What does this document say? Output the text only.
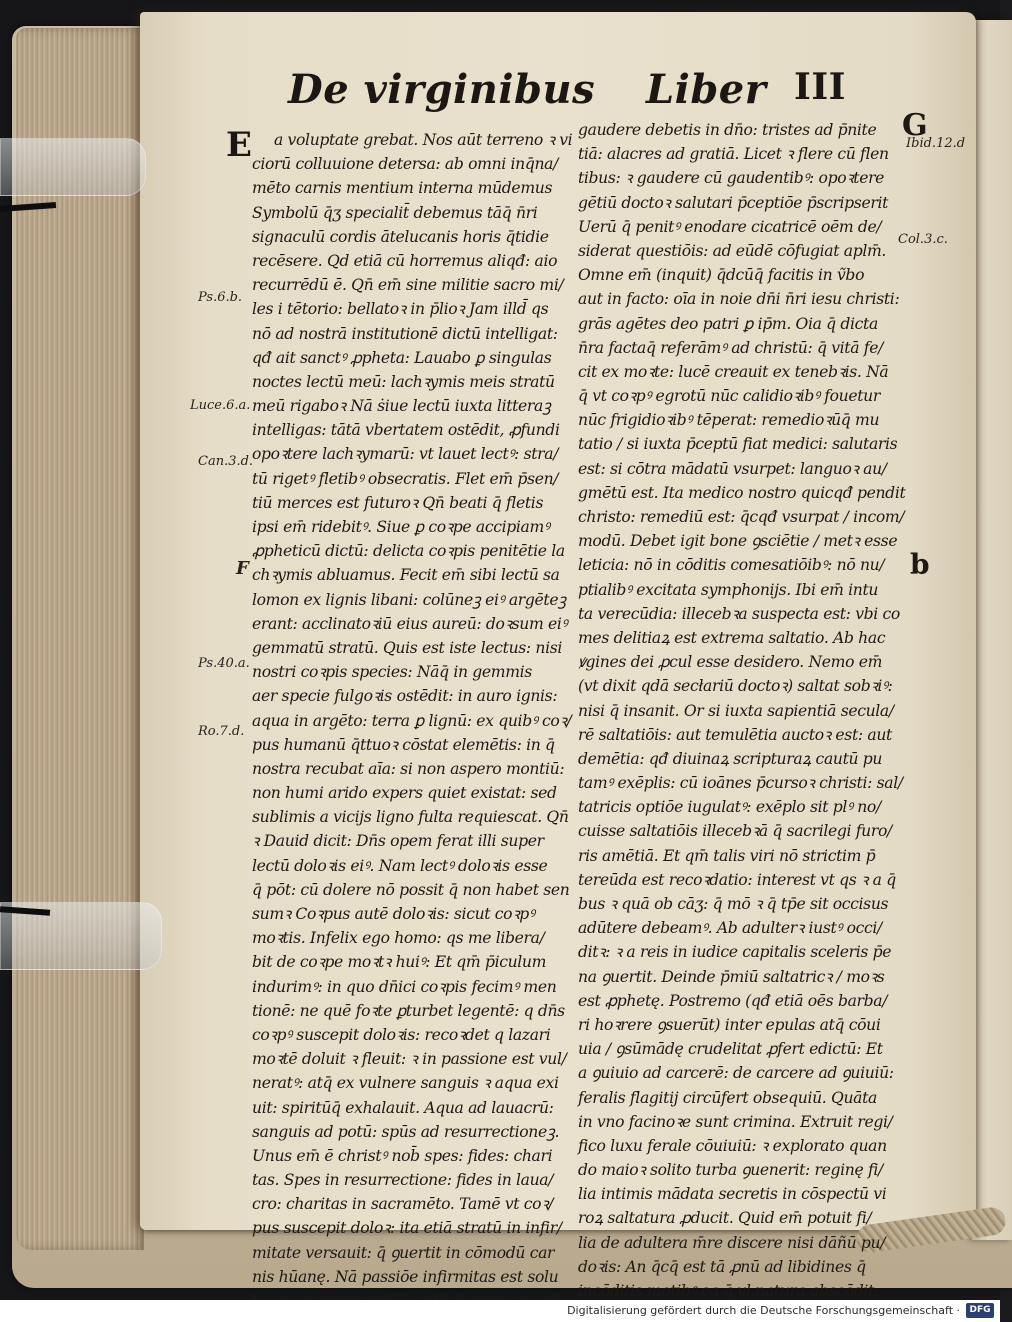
De virginibus Liber III
E	G
b
Ps.6.b.
Luce.6.a.
Can.3.d.
F
Ps.40.a.
Ro.7.d.
Ibid.12.d
Col.3.c.
a voluptate grebat. Nos aūt terreno ꝛ vi
ciorū colluuione detersa: ab omni inq̄na/
mēto carnis mentium interna mūdemus
Symbolū q̄ʒ specialit̄ debemus tāq̄ n̄ri
signaculū cordis ātelucanis horis q̄tidie
recēsere. Qd etiā cū horremus aliqđ: aio
recurrēdū ē. Qn̄ em̄ sine militie sacro mi/
les i tētorio: bellatoꝛ in p̄lioꝛ Jam illd̄ qs
nō ad nostrā institutionē dictū intelligat:
qđ ait sanctꝰ ꝓpheta: Lauabo ꝑ singulas
noctes lectū meū: lachꝛymis meis stratū
meū rigaboꝛ Nā ṡiue lectū iuxta litteraꝫ
intelligas: tātā vbertatem ostēdit, ꝓfundi
opoꝛtere lachꝛymarū: vt lauet lectꝰ: stra/
tū rigetꝰ fletibꝰ obsecratis. Flet em̄ p̄sen/
tiū merces est futuroꝛ Qn̄ beati q̄ fletis
ipsi em̄ ridebitꝰ. Siue ꝑ coꝛpe accipiamꝰ
ꝓpheticū dictū: delicta coꝛpis penitētie la
chꝛymis abluamus. Fecit em̄ sibi lectū sa
lomon ex lignis libani: colūneꝫ eiꝰ argēteꝫ
erant: acclinatoꝛiū eius aureū: doꝛsum eiꝰ
gemmatū stratū. Quis est iste lectus: nisi
nostri coꝛpis species: Nāq̄ in gemmis
aer specie fulgoꝛis ostēdit: in auro ignis:
aqua in argēto: terra ꝑ lignū: ex quibꝰ coꝛ/
pus humanū q̄ttuoꝛ cōstat elemētis: in q̄
nostra recubat aīa: si non aspero montiū:
non humi arido expers quiet existat: sed
sublimis a vicijs ligno fulta requiescat. Qn̄
ꝛ Dauid dicit: Dn̄s opem ferat illi super
lectū doloꝛis eiꝰ. Nam lectꝰ doloꝛis esse
q̄ pōt: cū dolere nō possit q̄ non habet sen
sumꝛ Coꝛpus autē doloꝛis: sicut coꝛpꝰ
moꝛtis. Infelix ego homo: qs me libera/
bit de coꝛpe moꝛtꝛ huiꝰ: Et qm̄ p̄iculum
indurimꝰ: in quo dn̄ici coꝛpis fecimꝰ men
tionē: ne quē foꝛte ꝑturbet legentē: q dn̄s
coꝛpꝰ suscepit doloꝛis: recoꝛdet q lazari
moꝛtē doluit ꝛ fleuit: ꝛ in passione est vul/
neratꝰ: atq̄ ex vulnere sanguis ꝛ aqua exi
uit: spiritūq̄ exhalauit. Aqua ad lauacrū:
sanguis ad potū: spūs ad resurrectioneꝫ.
Unus em̄ ē christꝰ nob̄ spes: fides: chari
tas. Spes in resurrectione: fides in laua/
cro: charitas in sacramēto. Tamē vt coꝛ/
pus suscepit doloꝛ: ita etiā stratū in infir/
mitate versauit: q̄ ꝯuertit in cōmodū car
nis hūanę. Nā passiōe infirmitas est solu
gaudere debetis in dn̄o: tristes ad p̄nite
tiā: alacres ad gratiā. Licet ꝛ flere cū flen
tibus: ꝛ gaudere cū gaudentibꝰ: opoꝛtere
gētiū doctoꝛ salutari p̄ceptiōe p̄scripserit
Uerū q̄ penitꝰ enodare cicatricē oēm de/
siderat questiōis: ad eūdē cōfugiat aplm̄.
Omne em̄ (inquit) q̄dcūq̄ facitis in ṽbo
aut in facto: oīa in noie dn̄i n̄ri iesu christi:
grās agētes deo patri ꝑ ip̄m. Oia q̄ dicta
n̄ra factaq̄ referāmꝰ ad christū: q̄ vitā fe/
cit ex moꝛte: lucē creauit ex tenebꝛis. Nā
q̄ vt coꝛpꝰ egrotū nūc calidioꝛibꝰ fouetur
nūc frigidioꝛibꝰ tēperat: remedioꝛūq̄ mu
tatio / si iuxta p̄ceptū fiat medici: salutaris
est: si cōtra mādatū vsurpet: languoꝛ au/
gmētū est. Ita medico nostro quicqđ pendit
christo: remediū est: q̄cqđ vsurpat / incom/
modū. Debet igit bone ꝯsciētie / metꝛ esse
leticia: nō in cōditis comesatiōibꝰ: nō nu/
ptialibꝰ excitata symphonijs. Ibi em̄ intu
ta verecūdia: illecebꝛa suspecta est: vbi co
mes delitiaꝝ est extrema saltatio. Ab hac
ꝟgines dei ꝓcul esse desidero. Nemo em̄
(vt dixit qdā secłariū doctoꝛ) saltat sobꝛiꝰ:
nisi q̄ insanit. Or si iuxta sapientiā secula/
rē saltatiōis: aut temulētia auctoꝛ est: aut
demētia: qđ diuinaꝝ scripturaꝝ cautū pu
tamꝰ exēplis: cū ioānes p̄cursoꝛ christi: sal/
tatricis optiōe iugulatꝰ: exēplo sit plꝰ no/
cuisse saltatiōis illecebꝛā q̄ sacrilegi furo/
ris amētiā. Et qm̄ talis viri nō strictim p̄
tereūda est recoꝛdatio: interest vt qs ꝛ a q̄
bus ꝛ quā ob cāʒ: q̄ mō ꝛ q̄ tp̄e sit occisus
adūtere debeamꝰ. Ab adulterꝛ iustꝰ occi/
ditꝛ: ꝛ a reis in iudice capitalis sceleris p̄e
na ꝯuertit. Deinde p̄miū saltatricꝛ / moꝛs
est ꝓphetę. Postremo (qđ etiā oēs barba/
ri hoꝛrere ꝯsuerūt) inter epulas atq̄ cōui
uia / ꝯsūmādę crudelitat ꝓfert edictū: Et
a ꝯuiuio ad carcerē: de carcere ad ꝯuiuiū:
feralis flagitij circūfert obsequiū. Quāta
in vno facinoꝛe sunt crimina. Extruit regi/
fico luxu ferale cōuiuiū: ꝛ explorato quan
do maioꝛ solito turba ꝯuenerit: reginę fi/
lia intimis mādata secretis in cōspectū vi
roꝝ saltatura ꝓducit. Quid em̄ potuit fi/
lia de adultera m̄re discere nisi dāñū pu/
doꝛis: An q̄cq̄ est tā ꝓnū ad libidines q̄
incōditis motibꝰ ea q̄ vł natura abscōdit:
Digitalisierung gefördert durch die Deutsche Forschungsgemeinschaft ·	DFG
